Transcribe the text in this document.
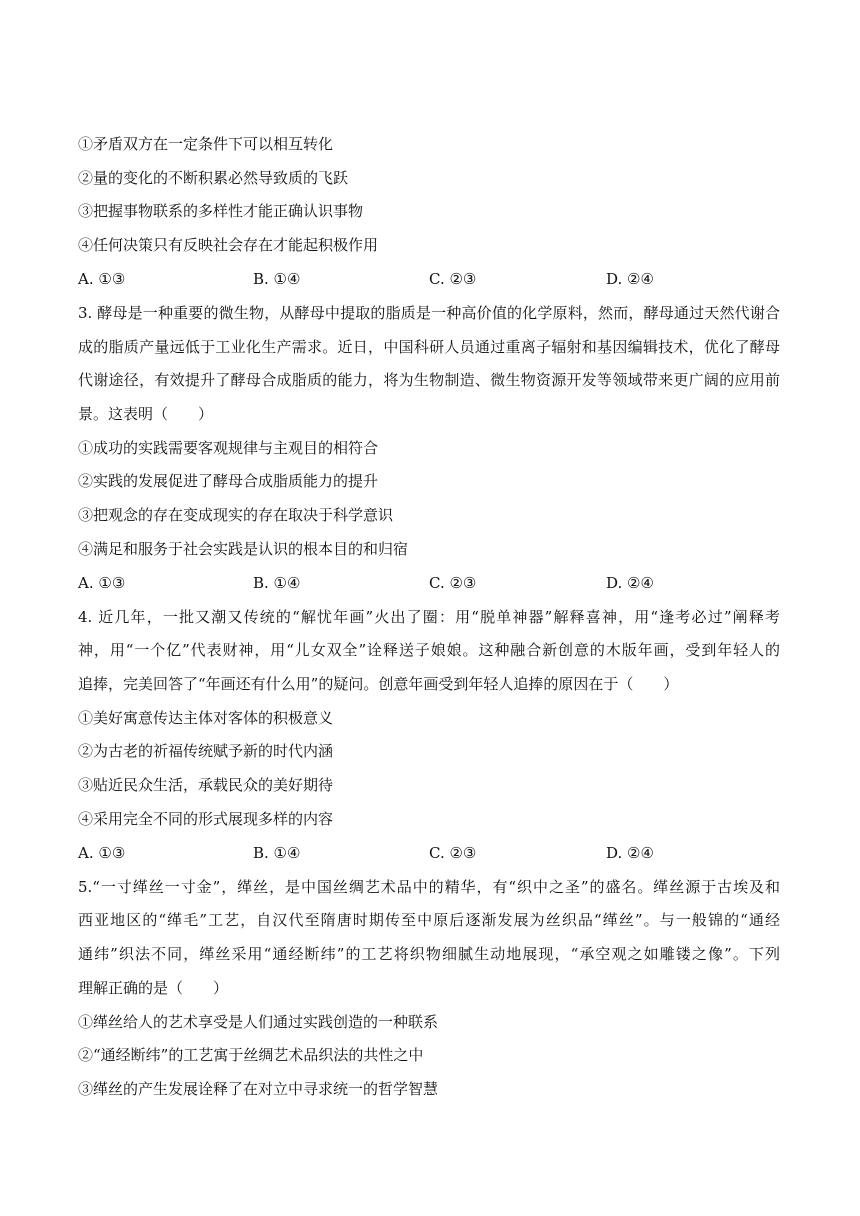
①矛盾双方在一定条件下可以相互转化
②量的变化的不断积累必然导致质的飞跃
③把握事物联系的多样性才能正确认识事物
④任何决策只有反映社会存在才能起积极作用
A. ①③	B. ①④	C. ②③	D. ②④
3. 酵母是一种重要的微生物，从酵母中提取的脂质是一种高价值的化学原料，然而，酵母通过天然代谢合
成的脂质产量远低于工业化生产需求。近日，中国科研人员通过重离子辐射和基因编辑技术，优化了酵母
代谢途径，有效提升了酵母合成脂质的能力，将为生物制造、微生物资源开发等领域带来更广阔的应用前
景。这表明（　　）
①成功的实践需要客观规律与主观目的相符合
②实践的发展促进了酵母合成脂质能力的提升
③把观念的存在变成现实的存在取决于科学意识
④满足和服务于社会实践是认识的根本目的和归宿
A. ①③	B. ①④	C. ②③	D. ②④
4. 近几年，一批又潮又传统的“解忧年画”火出了圈：用“脱单神器”解释喜神，用“逢考必过”阐释考
神，用“一个亿”代表财神，用“儿女双全”诠释送子娘娘。这种融合新创意的木版年画，受到年轻人的
追捧，完美回答了“年画还有什么用”的疑问。创意年画受到年轻人追捧的原因在于（　　）
①美好寓意传达主体对客体的积极意义
②为古老的祈福传统赋予新的时代内涵
③贴近民众生活，承载民众的美好期待
④采用完全不同的形式展现多样的内容
A. ①③	B. ①④	C. ②③	D. ②④
5.“一寸缂丝一寸金”，缂丝，是中国丝绸艺术品中的精华，有“织中之圣”的盛名。缂丝源于古埃及和
西亚地区的“缂毛”工艺，自汉代至隋唐时期传至中原后逐渐发展为丝织品“缂丝”。与一般锦的“通经
通纬”织法不同，缂丝采用“通经断纬”的工艺将织物细腻生动地展现，“承空观之如雕镂之像”。下列
理解正确的是（　　）
①缂丝给人的艺术享受是人们通过实践创造的一种联系
②“通经断纬”的工艺寓于丝绸艺术品织法的共性之中
③缂丝的产生发展诠释了在对立中寻求统一的哲学智慧
